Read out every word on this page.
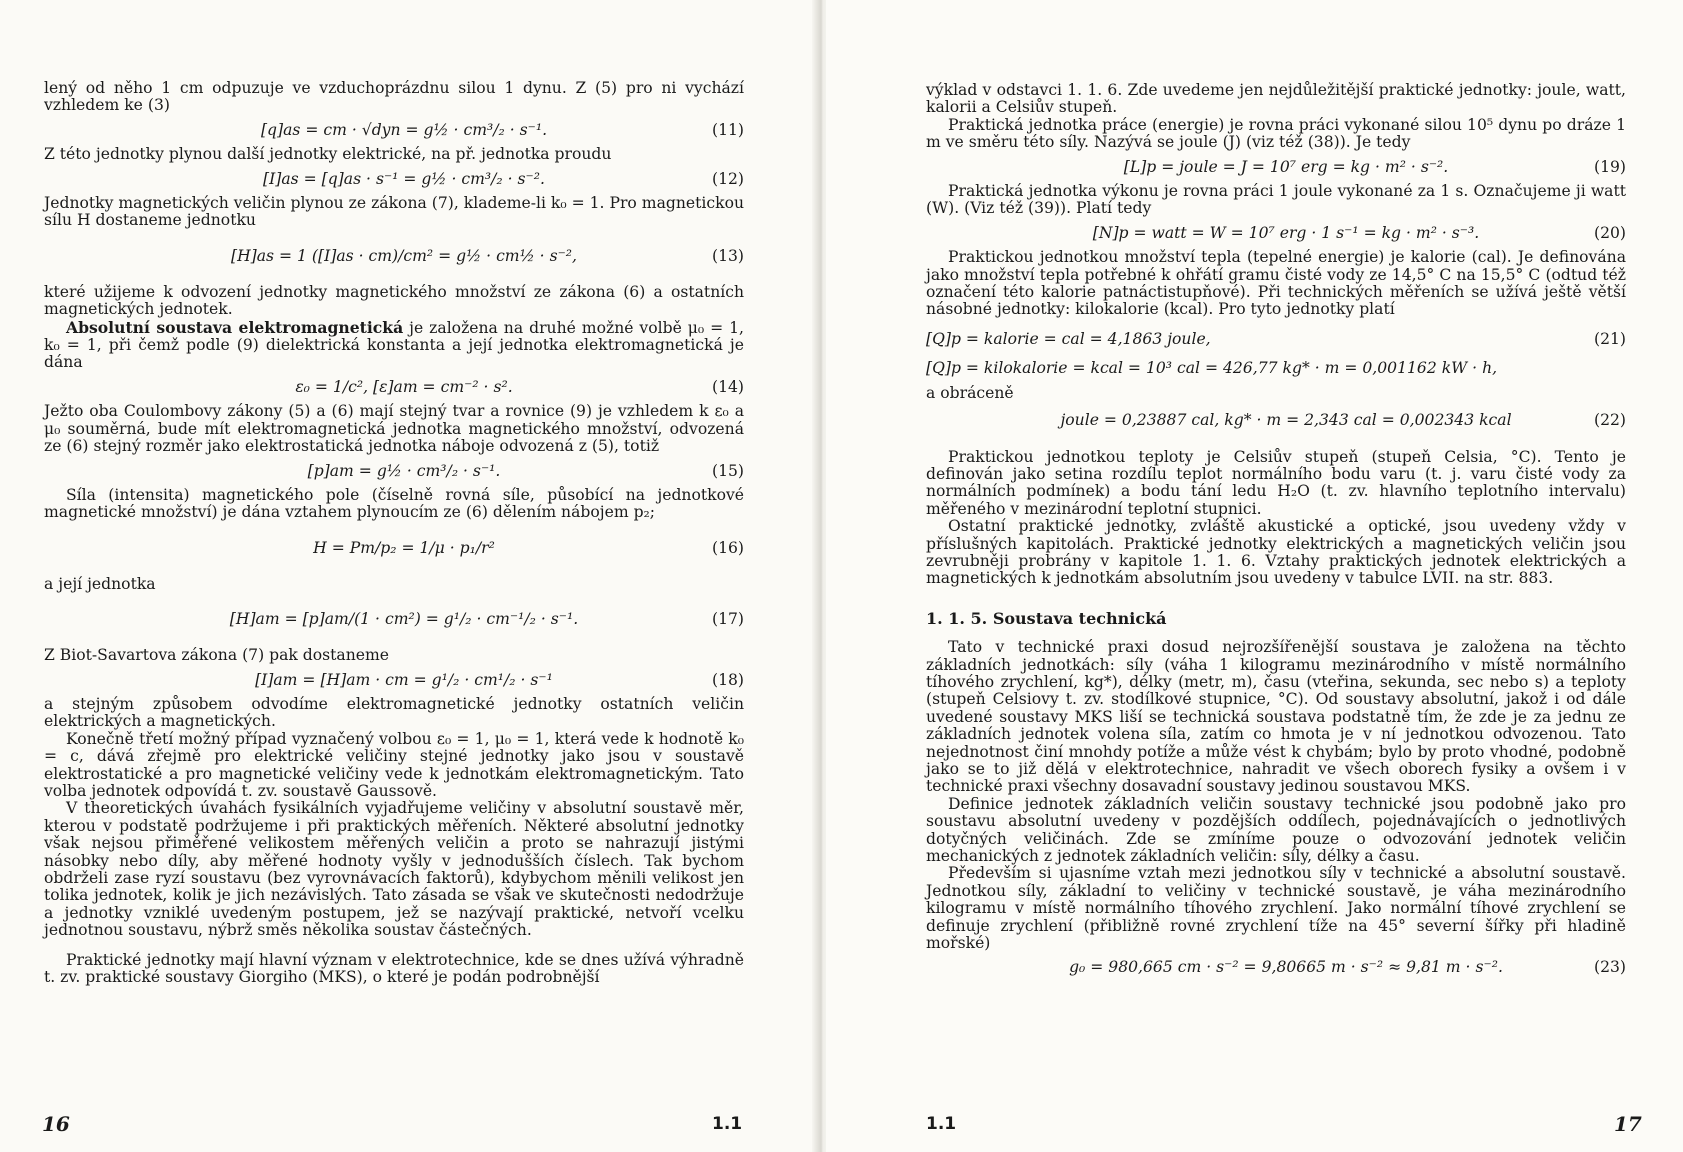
lený od něho 1 cm odpuzuje ve vzduchoprázdnu silou 1 dynu. Z (5) pro ni vychází vzhledem ke (3)

[q]as = cm · √dyn = g½ · cm³/₂ · s⁻¹.	(11)

Z této jednotky plynou další jednotky elektrické, na př. jednotka proudu

[I]as = [q]as · s⁻¹ = g½ · cm³/₂ · s⁻².	(12)

Jednotky magnetických veličin plynou ze zákona (7), klademe-li k₀ = 1. Pro magnetickou sílu H dostaneme jednotku

[H]as = 1 ([I]as · cm)/cm² = g½ · cm½ · s⁻²,	(13)

které užijeme k odvození jednotky magnetického množství ze zákona (6) a ostatních magnetických jednotek.

Absolutní soustava elektromagnetická je založena na druhé možné volbě μ₀ = 1, k₀ = 1, při čemž podle (9) dielektrická konstanta a její jednotka elektromagnetická je dána

ε₀ = 1/c², [ε]am = cm⁻² · s².	(14)

Ježto oba Coulombovy zákony (5) a (6) mají stejný tvar a rovnice (9) je vzhledem k ε₀ a μ₀ souměrná, bude mít elektromagnetická jednotka magnetického množství, odvozená ze (6) stejný rozměr jako elektrostatická jednotka náboje odvozená z (5), totiž

[p]am = g½ · cm³/₂ · s⁻¹.	(15)

Síla (intensita) magnetického pole (číselně rovná síle, působící na jednotkové magnetické množství) je dána vztahem plynoucím ze (6) dělením nábojem p₂;

H = Pm/p₂ = 1/μ · p₁/r²	(16)

a její jednotka

[H]am = [p]am/(1 · cm²) = g¹/₂ · cm⁻¹/₂ · s⁻¹.	(17)

Z Biot-Savartova zákona (7) pak dostaneme

[I]am = [H]am · cm = g¹/₂ · cm¹/₂ · s⁻¹	(18)

a stejným způsobem odvodíme elektromagnetické jednotky ostatních veličin elektrických a magnetických.

Konečně třetí možný případ vyznačený volbou ε₀ = 1, μ₀ = 1, která vede k hodnotě k₀ = c, dává zřejmě pro elektrické veličiny stejné jednotky jako jsou v soustavě elektrostatické a pro magnetické veličiny vede k jednotkám elektromagnetickým. Tato volba jednotek odpovídá t. zv. soustavě Gaussově.

V theoretických úvahách fysikálních vyjadřujeme veličiny v absolutní soustavě měr, kterou v podstatě podržujeme i při praktických měřeních. Některé absolutní jednotky však nejsou přiměřené velikostem měřených veličin a proto se nahrazují jistými násobky nebo díly, aby měřené hodnoty vyšly v jednodušších číslech. Tak bychom obdrželi zase ryzí soustavu (bez vyrovnávacích faktorů), kdybychom měnili velikost jen tolika jednotek, kolik je jich nezávislých. Tato zásada se však ve skutečnosti nedodržuje a jednotky vzniklé uvedeným postupem, jež se nazývají praktické, netvoří vcelku jednotnou soustavu, nýbrž směs několika soustav částečných.

Praktické jednotky mají hlavní význam v elektrotechnice, kde se dnes užívá výhradně t. zv. praktické soustavy Giorgiho (MKS), o které je podán podrobnější

16	1.1

výklad v odstavci 1. 1. 6. Zde uvedeme jen nejdůležitější praktické jednotky: joule, watt, kalorii a Celsiův stupeň.

Praktická jednotka práce (energie) je rovna práci vykonané silou 10⁵ dynu po dráze 1 m ve směru této síly. Nazývá se joule (J) (viz též (38)). Je tedy

[L]p = joule = J = 10⁷ erg = kg · m² · s⁻².	(19)

Praktická jednotka výkonu je rovna práci 1 joule vykonané za 1 s. Označujeme ji watt (W). (Viz též (39)). Platí tedy

[N]p = watt = W = 10⁷ erg · 1 s⁻¹ = kg · m² · s⁻³.	(20)

Praktickou jednotkou množství tepla (tepelné energie) je kalorie (cal). Je definována jako množství tepla potřebné k ohřátí gramu čisté vody ze 14,5° C na 15,5° C (odtud též označení této kalorie patnáctistupňové). Při technických měřeních se užívá ještě větší násobné jednotky: kilokalorie (kcal). Pro tyto jednotky platí

[Q]p = kalorie = cal = 4,1863 joule,	(21)
[Q]p = kilokalorie = kcal = 10³ cal = 426,77 kg* · m = 0,001162 kW · h,

a obráceně

joule = 0,23887 cal, kg* · m = 2,343 cal = 0,002343 kcal	(22)

Praktickou jednotkou teploty je Celsiův stupeň (stupeň Celsia, °C). Tento je definován jako setina rozdílu teplot normálního bodu varu (t. j. varu čisté vody za normálních podmínek) a bodu tání ledu H₂O (t. zv. hlavního teplotního intervalu) měřeného v mezinárodní teplotní stupnici.

Ostatní praktické jednotky, zvláště akustické a optické, jsou uvedeny vždy v příslušných kapitolách. Praktické jednotky elektrických a magnetických veličin jsou zevrubněji probrány v kapitole 1. 1. 6. Vztahy praktických jednotek elektrických a magnetických k jednotkám absolutním jsou uvedeny v tabulce LVII. na str. 883.

1. 1. 5. Soustava technická

Tato v technické praxi dosud nejrozšířenější soustava je založena na těchto základních jednotkách: síly (váha 1 kilogramu mezinárodního v místě normálního tíhového zrychlení, kg*), délky (metr, m), času (vteřina, sekunda, sec nebo s) a teploty (stupeň Celsiovy t. zv. stodílkové stupnice, °C). Od soustavy absolutní, jakož i od dále uvedené soustavy MKS liší se technická soustava podstatně tím, že zde je za jednu ze základních jednotek volena síla, zatím co hmota je v ní jednotkou odvozenou. Tato nejednotnost činí mnohdy potíže a může vést k chybám; bylo by proto vhodné, podobně jako se to již dělá v elektrotechnice, nahradit ve všech oborech fysiky a ovšem i v technické praxi všechny dosavadní soustavy jedinou soustavou MKS.

Definice jednotek základních veličin soustavy technické jsou podobně jako pro soustavu absolutní uvedeny v pozdějších oddílech, pojednávajících o jednotlivých dotyčných veličinách. Zde se zmíníme pouze o odvozování jednotek veličin mechanických z jednotek základních veličin: síly, délky a času.

Především si ujasníme vztah mezi jednotkou síly v technické a absolutní soustavě. Jednotkou síly, základní to veličiny v technické soustavě, je váha mezinárodního kilogramu v místě normálního tíhového zrychlení. Jako normální tíhové zrychlení se definuje zrychlení (přibližně rovné zrychlení tíže na 45° severní šířky při hladině mořské)

g₀ = 980,665 cm · s⁻² = 9,80665 m · s⁻² ≈ 9,81 m · s⁻².	(23)
1.1	17
